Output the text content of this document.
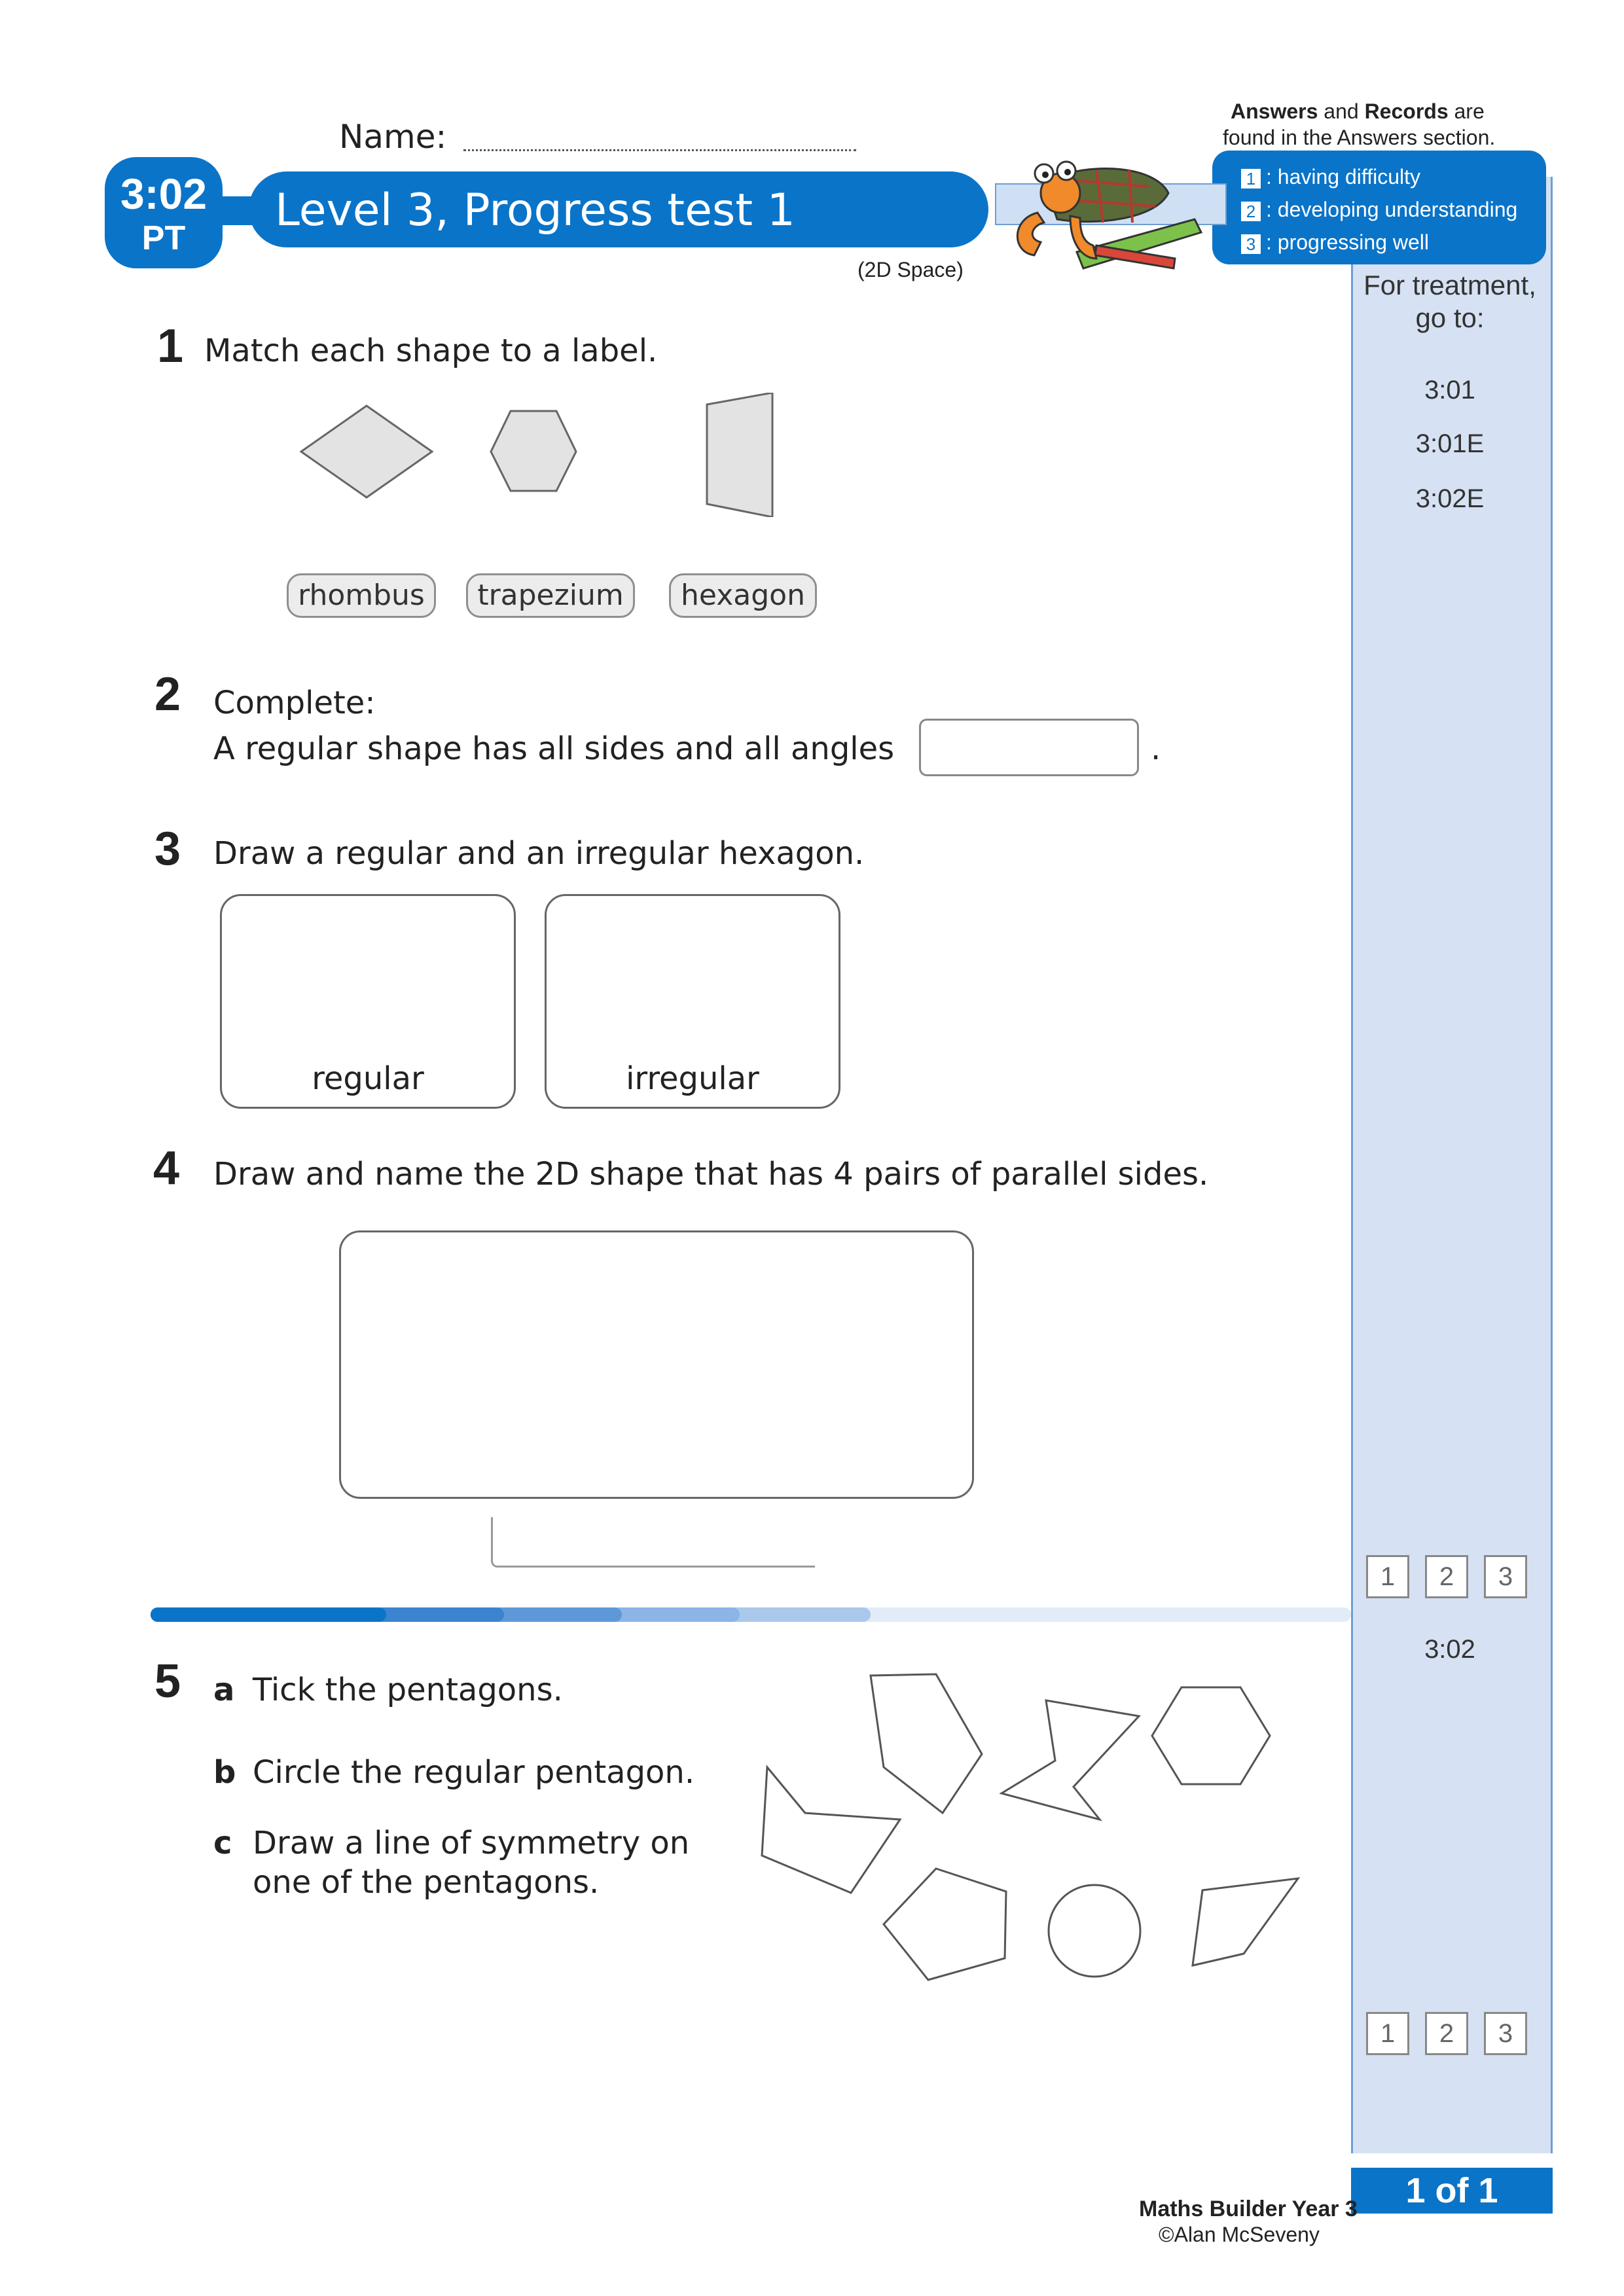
1 : having difficulty
2 : developing understanding
3 : progressing well
Answers and Records are
found in the Answers section.
Name:
3:02
PT
Level 3, Progress test 1
(2D Space)	For treatment,
go to:
3:01
3:01E
3:02E
1	2	3
3:02
1	2	3
1 of 1
1 Match each shape to a label.
rhombus	trapezium	hexagon
2 Complete:
A regular shape has all sides and all angles	.
3 Draw a regular and an irregular hexagon.
regular	irregular
4 Draw and name the 2D shape that has 4 pairs of parallel sides.
5 a Tick the pentagons.
b Circle the regular pentagon.
c Draw a line of symmetry on
one of the pentagons.
Maths Builder Year 3
©Alan McSeveny
